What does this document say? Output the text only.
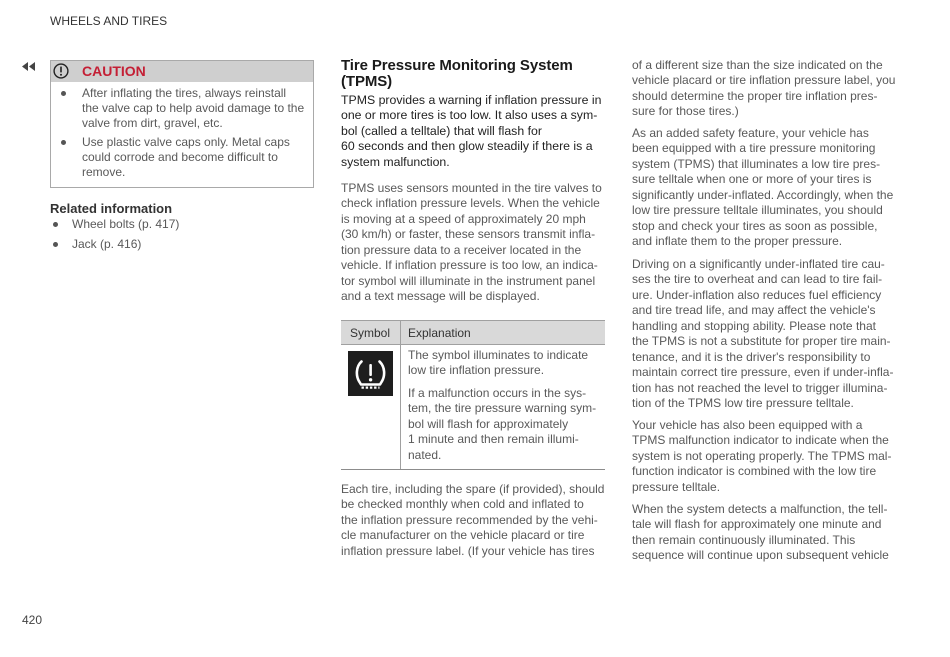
WHEELS AND TIRES
CAUTION
After inflating the tires, always reinstall
the valve cap to help avoid damage to the
valve from dirt, gravel, etc.
Use plastic valve caps only. Metal caps
could corrode and become difficult to
remove.
Related information
Wheel bolts (p. 417)
Jack (p. 416)
Tire Pressure Monitoring System
(TPMS)
TPMS provides a warning if inflation pressure in
one or more tires is too low. It also uses a sym-
bol (called a telltale) that will flash for
60 seconds and then glow steadily if there is a
system malfunction.
TPMS uses sensors mounted in the tire valves to
check inflation pressure levels. When the vehicle
is moving at a speed of approximately 20 mph
(30 km/h) or faster, these sensors transmit infla-
tion pressure data to a receiver located in the
vehicle. If inflation pressure is too low, an indica-
tor symbol will illuminate in the instrument panel
and a text message will be displayed.
Symbol Explanation
The symbol illuminates to indicate
low tire inflation pressure.
If a malfunction occurs in the sys-
tem, the tire pressure warning sym-
bol will flash for approximately
1 minute and then remain illumi-
nated.
Each tire, including the spare (if provided), should
be checked monthly when cold and inflated to
the inflation pressure recommended by the vehi-
cle manufacturer on the vehicle placard or tire
inflation pressure label. (If your vehicle has tires
of a different size than the size indicated on the
vehicle placard or tire inflation pressure label, you
should determine the proper tire inflation pres-
sure for those tires.)
As an added safety feature, your vehicle has
been equipped with a tire pressure monitoring
system (TPMS) that illuminates a low tire pres-
sure telltale when one or more of your tires is
significantly under-inflated. Accordingly, when the
low tire pressure telltale illuminates, you should
stop and check your tires as soon as possible,
and inflate them to the proper pressure.
Driving on a significantly under-inflated tire cau-
ses the tire to overheat and can lead to tire fail-
ure. Under-inflation also reduces fuel efficiency
and tire tread life, and may affect the vehicle's
handling and stopping ability. Please note that
the TPMS is not a substitute for proper tire main-
tenance, and it is the driver's responsibility to
maintain correct tire pressure, even if under-infla-
tion has not reached the level to trigger illumina-
tion of the TPMS low tire pressure telltale.
Your vehicle has also been equipped with a
TPMS malfunction indicator to indicate when the
system is not operating properly. The TPMS mal-
function indicator is combined with the low tire
pressure telltale.
When the system detects a malfunction, the tell-
tale will flash for approximately one minute and
then remain continuously illuminated. This
sequence will continue upon subsequent vehicle
420
